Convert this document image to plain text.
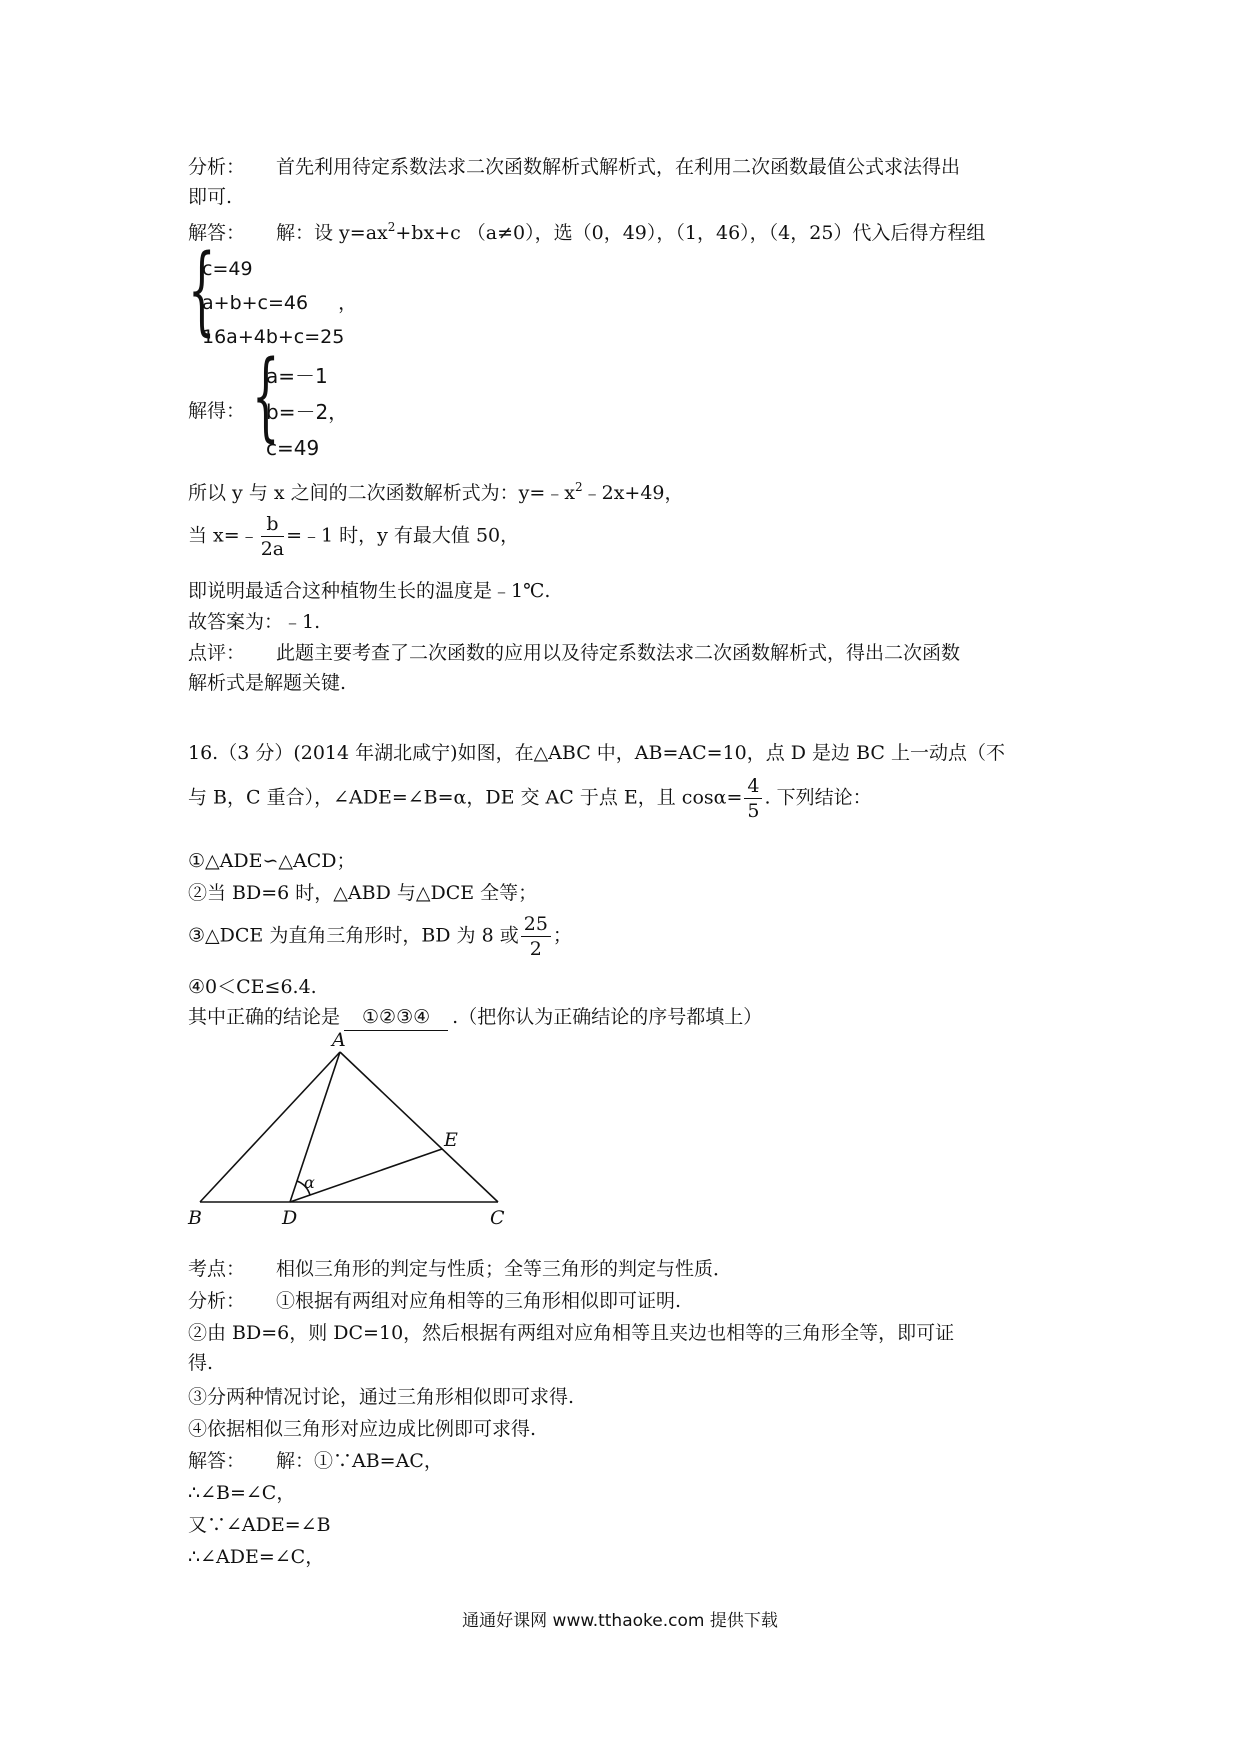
分析： 首先利用待定系数法求二次函数解析式解析式，在利用二次函数最值公式求法得出
即可.
解答： 解：设 $y=ax^2+bx+c$ （a≠0），选（0，49），（1，46），（4，25）代入后得方程组
{
c=49
a+b+c=46 ，
16a+4b+c=25
解得： {
a=－1
b=－2，
c=49
所以 y 与 x 之间的二次函数解析式为：$y=﹣x^2﹣2x+49$，
当 x=﹣ $\frac{b}{2a}$ =﹣1 时，y 有最大值 50，
即说明最适合这种植物生长的温度是﹣1℃.
故答案为：﹣1.
点评： 此题主要考查了二次函数的应用以及待定系数法求二次函数解析式，得出二次函数
解析式是解题关键.
16.（3 分）(2014 年湖北咸宁)如图，在△ABC 中，AB=AC=10，点 D 是边 BC 上一动点（不
与 B，C 重合），∠ADE=∠B=α，DE 交 AC 于点 E，且 $\cos\alpha= \frac{4}{5}$ . 下列结论：
①△ADE∽△ACD；
②当 BD=6 时，△ABD 与△DCE 全等；
③△DCE 为直角三角形时，BD 为 8 或 $\frac{25}{2}$ ；
④0＜CE≤6.4.
其中正确的结论是 ①②③④ .（把你认为正确结论的序号都填上）
A
B	D	C
E
α
考点： 相似三角形的判定与性质；全等三角形的判定与性质．
分析： ①根据有两组对应角相等的三角形相似即可证明.
②由 BD=6，则 DC=10，然后根据有两组对应角相等且夹边也相等的三角形全等，即可证
得.
③分两种情况讨论，通过三角形相似即可求得.
④依据相似三角形对应边成比例即可求得.
解答： 解：①∵AB=AC，
∴∠B=∠C，
又∵∠ADE=∠B
∴∠ADE=∠C，
通通好课网 www.tthaoke.com 提供下载
